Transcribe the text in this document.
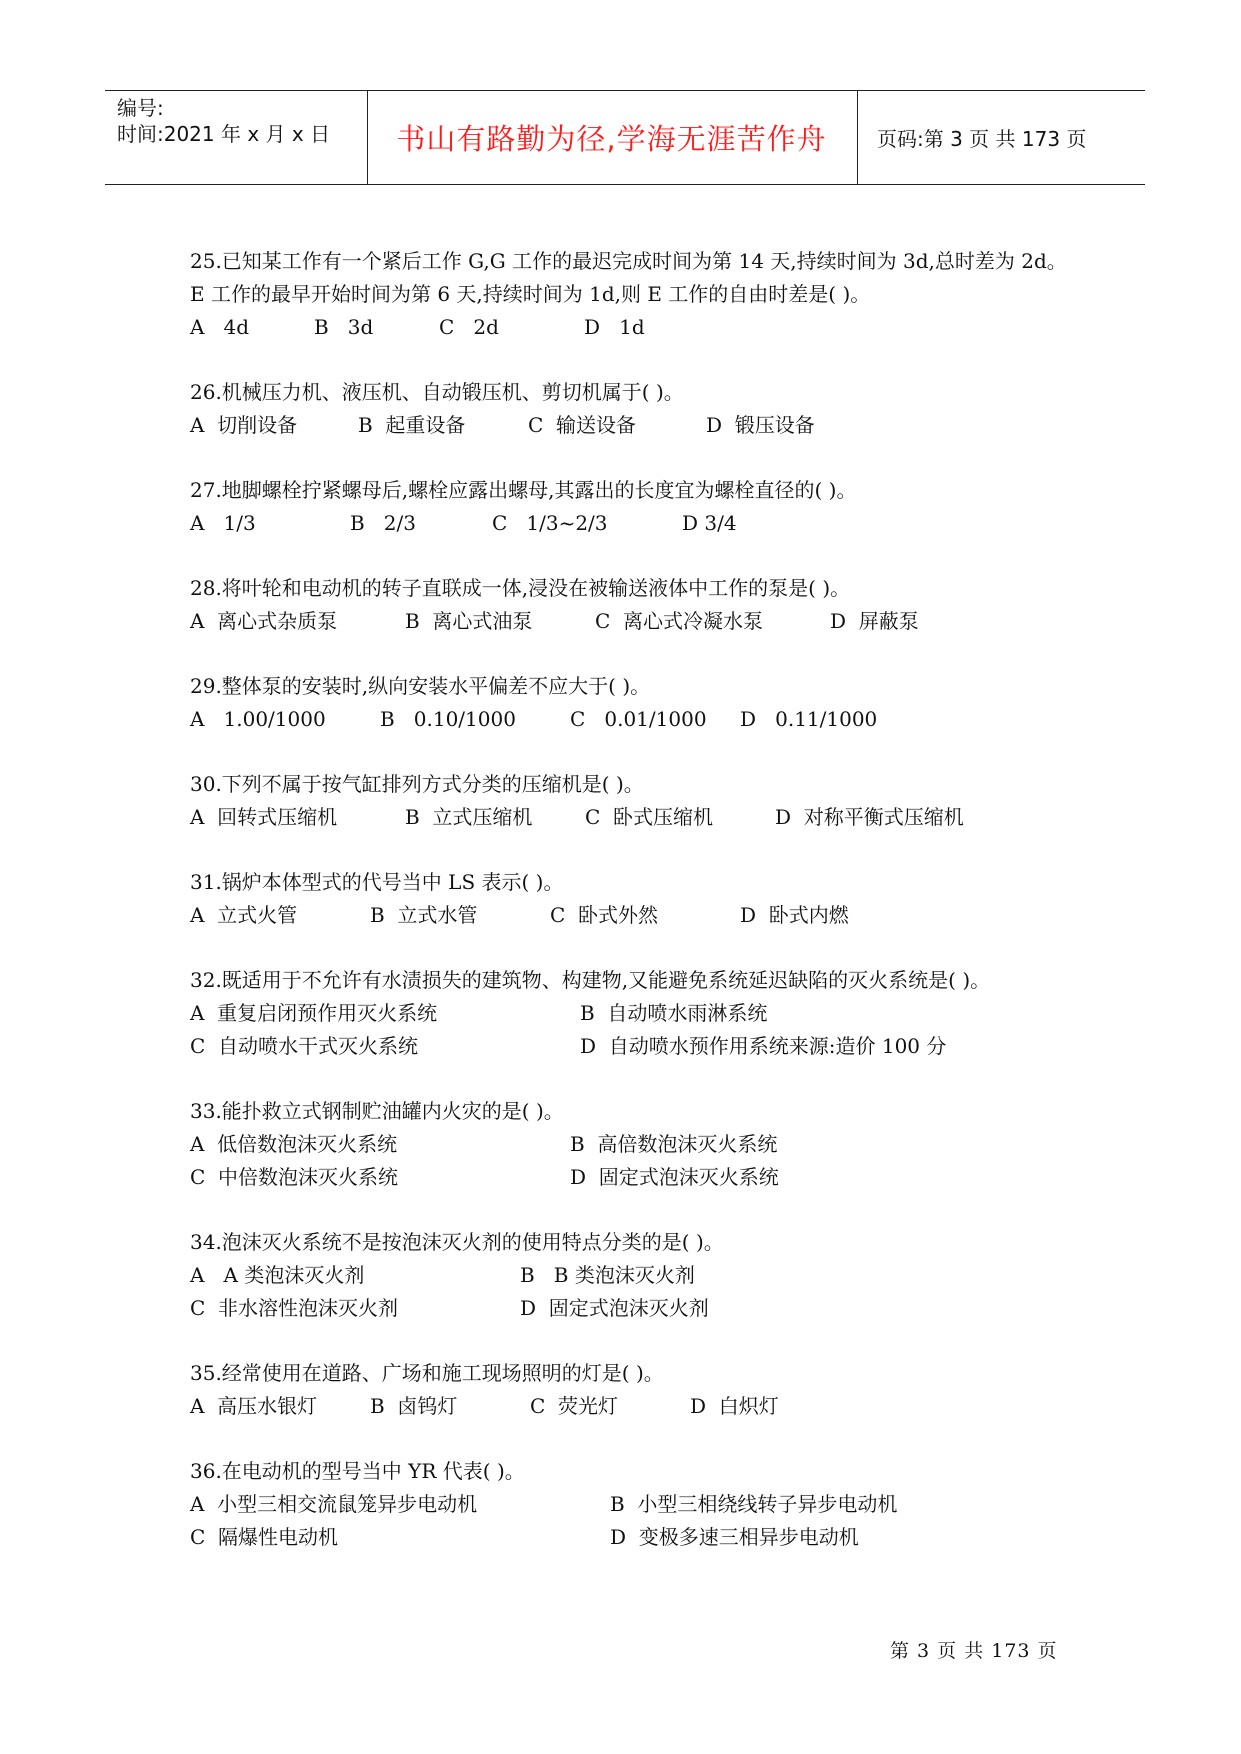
编号:
时间:2021 年 x 月 x 日	书山有路勤为径,学海无涯苦作舟	页码:第 3 页 共 173 页

25.已知某工作有一个紧后工作 G,G 工作的最迟完成时间为第 14 天,持续时间为 3d,总时差为 2d。E 工作的最早开始时间为第 6 天,持续时间为 1d,则 E 工作的自由时差是( )。

A   4d	B   3d	C   2d	D   1d

26.机械压力机、液压机、自动锻压机、剪切机属于( )。

A  切削设备	B  起重设备	C  输送设备	D  锻压设备

27.地脚螺栓拧紧螺母后,螺栓应露出螺母,其露出的长度宜为螺栓直径的( )。

A   1/3	B   2/3	C   1/3~2/3	D 3/4

28.将叶轮和电动机的转子直联成一体,浸没在被输送液体中工作的泵是( )。

A  离心式杂质泵	B  离心式油泵	C  离心式冷凝水泵	D  屏蔽泵

29.整体泵的安装时,纵向安装水平偏差不应大于( )。

A   1.00/1000	B   0.10/1000	C   0.01/1000	D   0.11/1000

30.下列不属于按气缸排列方式分类的压缩机是( )。

A  回转式压缩机	B  立式压缩机	C  卧式压缩机	D  对称平衡式压缩机

31.锅炉本体型式的代号当中 LS 表示( )。

A  立式火管	B  立式水管	C  卧式外然	D  卧式内燃

32.既适用于不允许有水渍损失的建筑物、构建物,又能避免系统延迟缺陷的灭火系统是( )。

A  重复启闭预作用灭火系统	B  自动喷水雨淋系统
C  自动喷水干式灭火系统	D  自动喷水预作用系统来源:造价 100 分

33.能扑救立式钢制贮油罐内火灾的是( )。

A  低倍数泡沫灭火系统	B  高倍数泡沫灭火系统
C  中倍数泡沫灭火系统	D  固定式泡沫灭火系统

34.泡沫灭火系统不是按泡沫灭火剂的使用特点分类的是( )。

A   A 类泡沫灭火剂	B   B 类泡沫灭火剂
C  非水溶性泡沫灭火剂	D  固定式泡沫灭火剂

35.经常使用在道路、广场和施工现场照明的灯是( )。

A  高压水银灯	B  卤钨灯	C  荧光灯	D  白炽灯

36.在电动机的型号当中 YR 代表( )。

A  小型三相交流鼠笼异步电动机	B  小型三相绕线转子异步电动机
C  隔爆性电动机	D  变极多速三相异步电动机
第 3 页 共 173 页
